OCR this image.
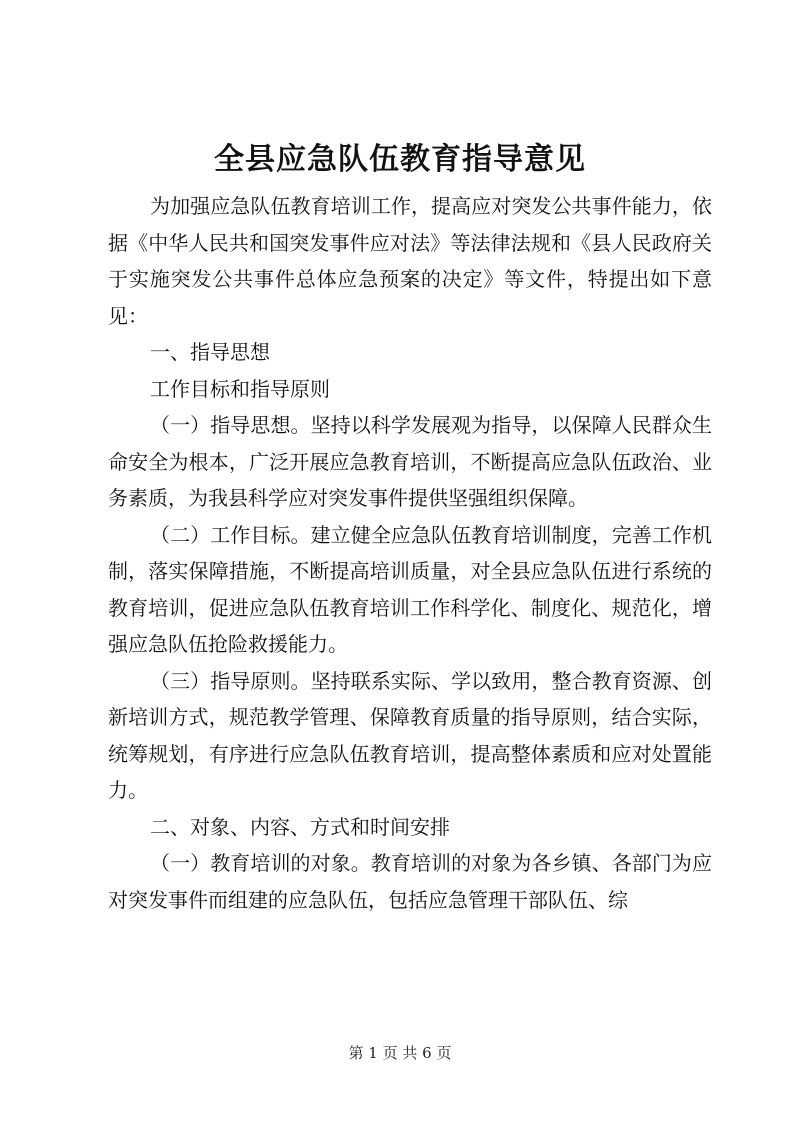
全县应急队伍教育指导意见

为加强应急队伍教育培训工作，提高应对突发公共事件能力，依据《中华人民共和国突发事件应对法》等法律法规和《县人民政府关于实施突发公共事件总体应急预案的决定》等文件，特提出如下意见：

一、指导思想

工作目标和指导原则

（一）指导思想。坚持以科学发展观为指导，以保障人民群众生命安全为根本，广泛开展应急教育培训，不断提高应急队伍政治、业务素质，为我县科学应对突发事件提供坚强组织保障。

（二）工作目标。建立健全应急队伍教育培训制度，完善工作机制，落实保障措施，不断提高培训质量，对全县应急队伍进行系统的教育培训，促进应急队伍教育培训工作科学化、制度化、规范化，增强应急队伍抢险救援能力。

（三）指导原则。坚持联系实际、学以致用，整合教育资源、创新培训方式，规范教学管理、保障教育质量的指导原则，结合实际，统筹规划，有序进行应急队伍教育培训，提高整体素质和应对处置能力。

二、对象、内容、方式和时间安排

（一）教育培训的对象。教育培训的对象为各乡镇、各部门为应对突发事件而组建的应急队伍，包括应急管理干部队伍、综

第 1 页 共 6 页
